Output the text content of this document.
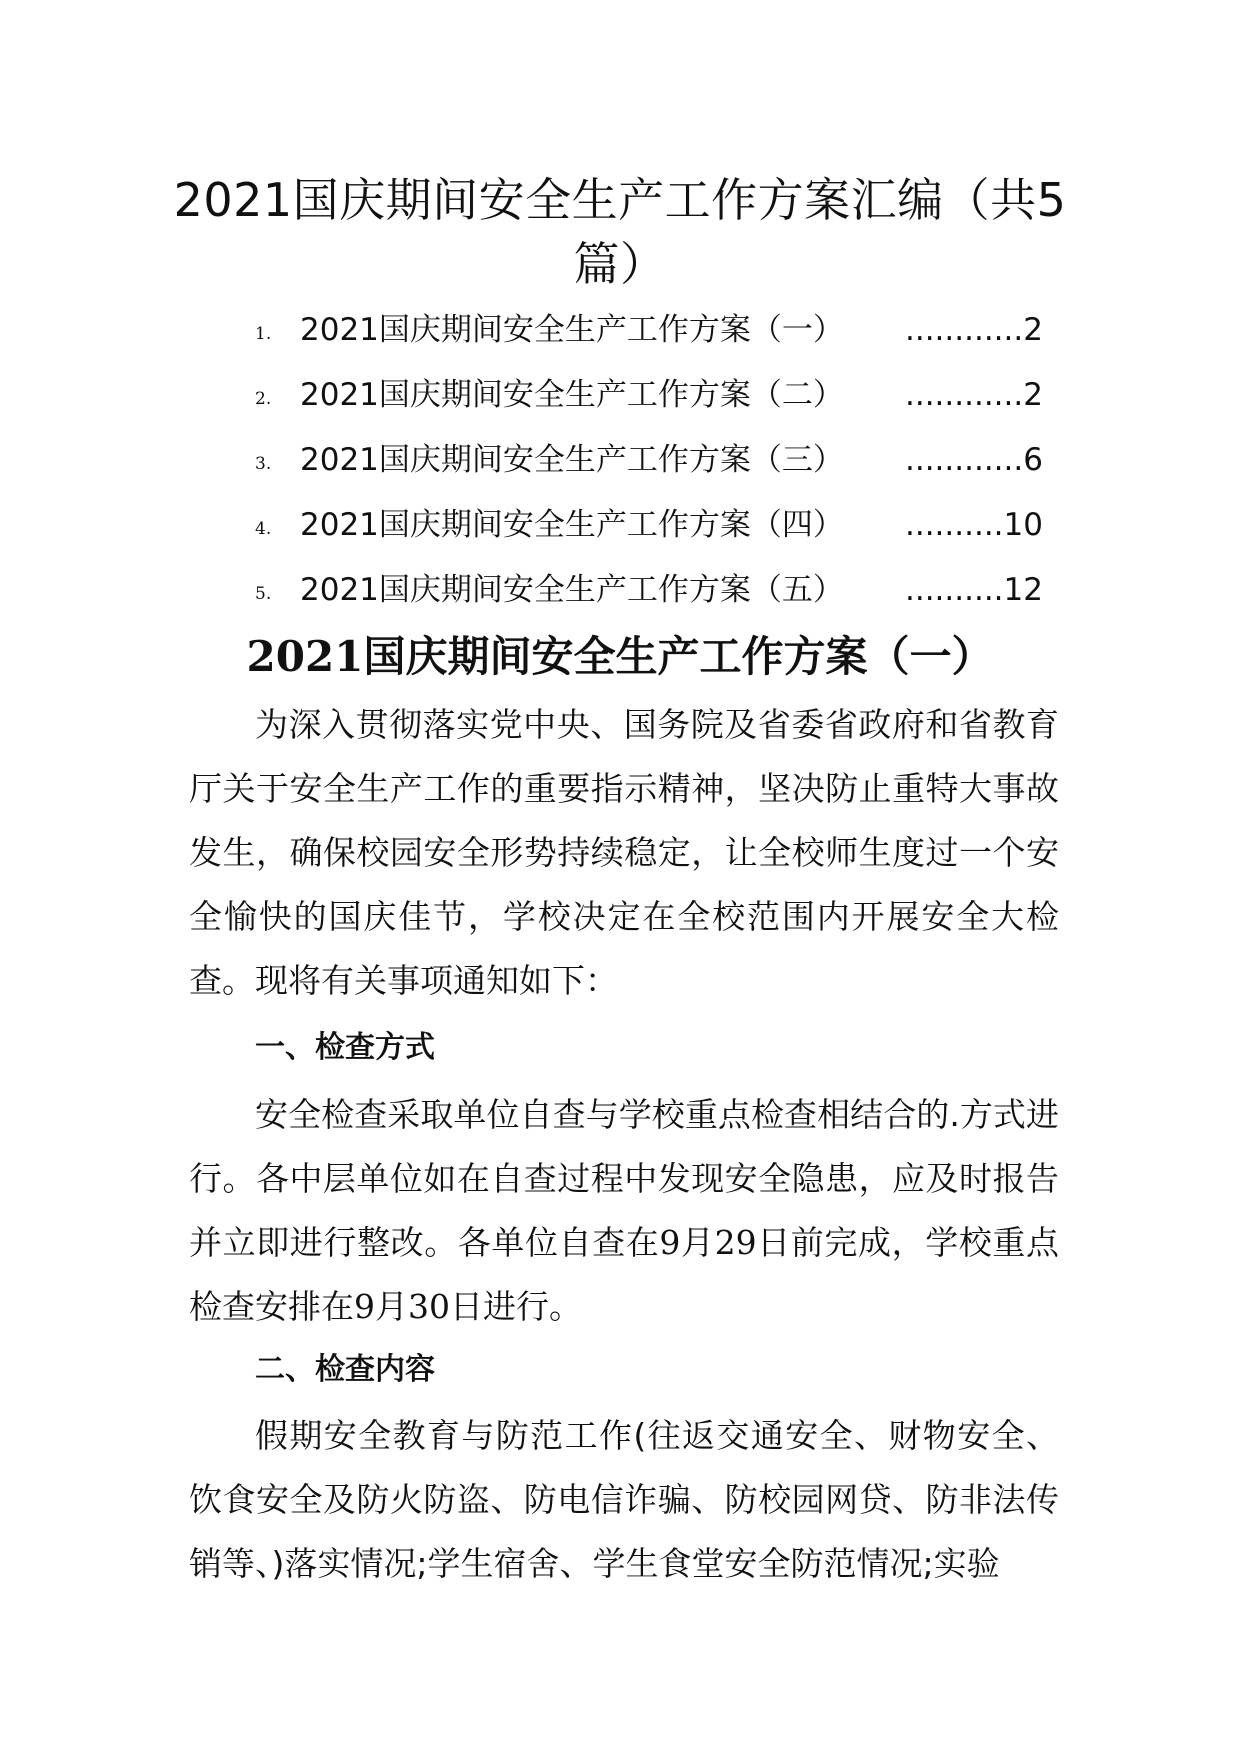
2021国庆期间安全生产工作方案汇编（共5篇）
1. 2021国庆期间安全生产工作方案（一） ............2
2. 2021国庆期间安全生产工作方案（二） ............2
3. 2021国庆期间安全生产工作方案（三） ............6
4. 2021国庆期间安全生产工作方案（四） ..........10
5. 2021国庆期间安全生产工作方案（五） ..........12
2021国庆期间安全生产工作方案（一）

为深入贯彻落实党中央、国务院及省委省政府和省教育厅关于安全生产工作的重要指示精神，坚决防止重特大事故发生，确保校园安全形势持续稳定，让全校师生度过一个安全愉快的国庆佳节，学校决定在全校范围内开展安全大检查。现将有关事项通知如下：

一、检查方式

安全检查采取单位自查与学校重点检查相结合的.方式进行。各中层单位如在自查过程中发现安全隐患，应及时报告并立即进行整改。各单位自查在9月29日前完成，学校重点检查安排在9月30日进行。

二、检查内容

假期安全教育与防范工作(往返交通安全、财物安全、饮食安全及防火防盗、防电信诈骗、防校园网贷、防非法传销等、)落实情况;学生宿舍、学生食堂安全防范情况;实验
